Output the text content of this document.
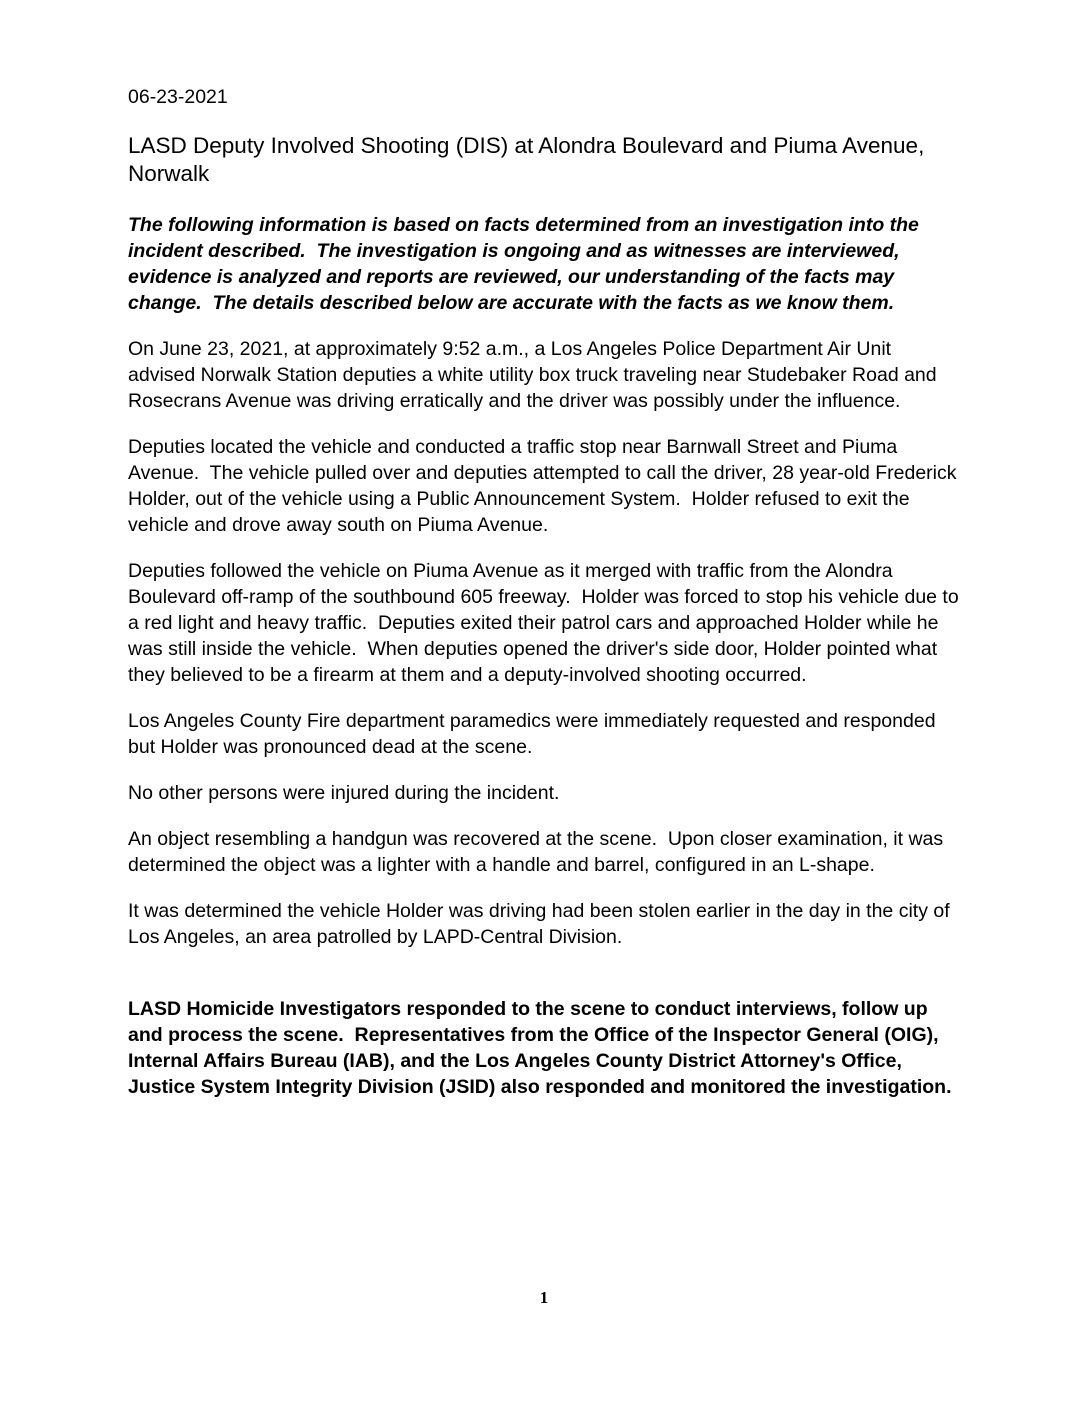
06-23-2021
LASD Deputy Involved Shooting (DIS) at Alondra Boulevard and Piuma Avenue, Norwalk

The following information is based on facts determined from an investigation into the incident described.  The investigation is ongoing and as witnesses are interviewed, evidence is analyzed and reports are reviewed, our understanding of the facts may change.  The details described below are accurate with the facts as we know them.

On June 23, 2021, at approximately 9:52 a.m., a Los Angeles Police Department Air Unit advised Norwalk Station deputies a white utility box truck traveling near Studebaker Road and Rosecrans Avenue was driving erratically and the driver was possibly under the influence.

Deputies located the vehicle and conducted a traffic stop near Barnwall Street and Piuma Avenue.  The vehicle pulled over and deputies attempted to call the driver, 28 year-old Frederick Holder, out of the vehicle using a Public Announcement System.  Holder refused to exit the vehicle and drove away south on Piuma Avenue.

Deputies followed the vehicle on Piuma Avenue as it merged with traffic from the Alondra Boulevard off-ramp of the southbound 605 freeway.  Holder was forced to stop his vehicle due to a red light and heavy traffic.  Deputies exited their patrol cars and approached Holder while he was still inside the vehicle.  When deputies opened the driver's side door, Holder pointed what they believed to be a firearm at them and a deputy-involved shooting occurred.

Los Angeles County Fire department paramedics were immediately requested and responded but Holder was pronounced dead at the scene.

No other persons were injured during the incident.

An object resembling a handgun was recovered at the scene.  Upon closer examination, it was determined the object was a lighter with a handle and barrel, configured in an L-shape.

It was determined the vehicle Holder was driving had been stolen earlier in the day in the city of Los Angeles, an area patrolled by LAPD-Central Division.

LASD Homicide Investigators responded to the scene to conduct interviews, follow up and process the scene.  Representatives from the Office of the Inspector General (OIG), Internal Affairs Bureau (IAB), and the Los Angeles County District Attorney's Office, Justice System Integrity Division (JSID) also responded and monitored the investigation.

1
